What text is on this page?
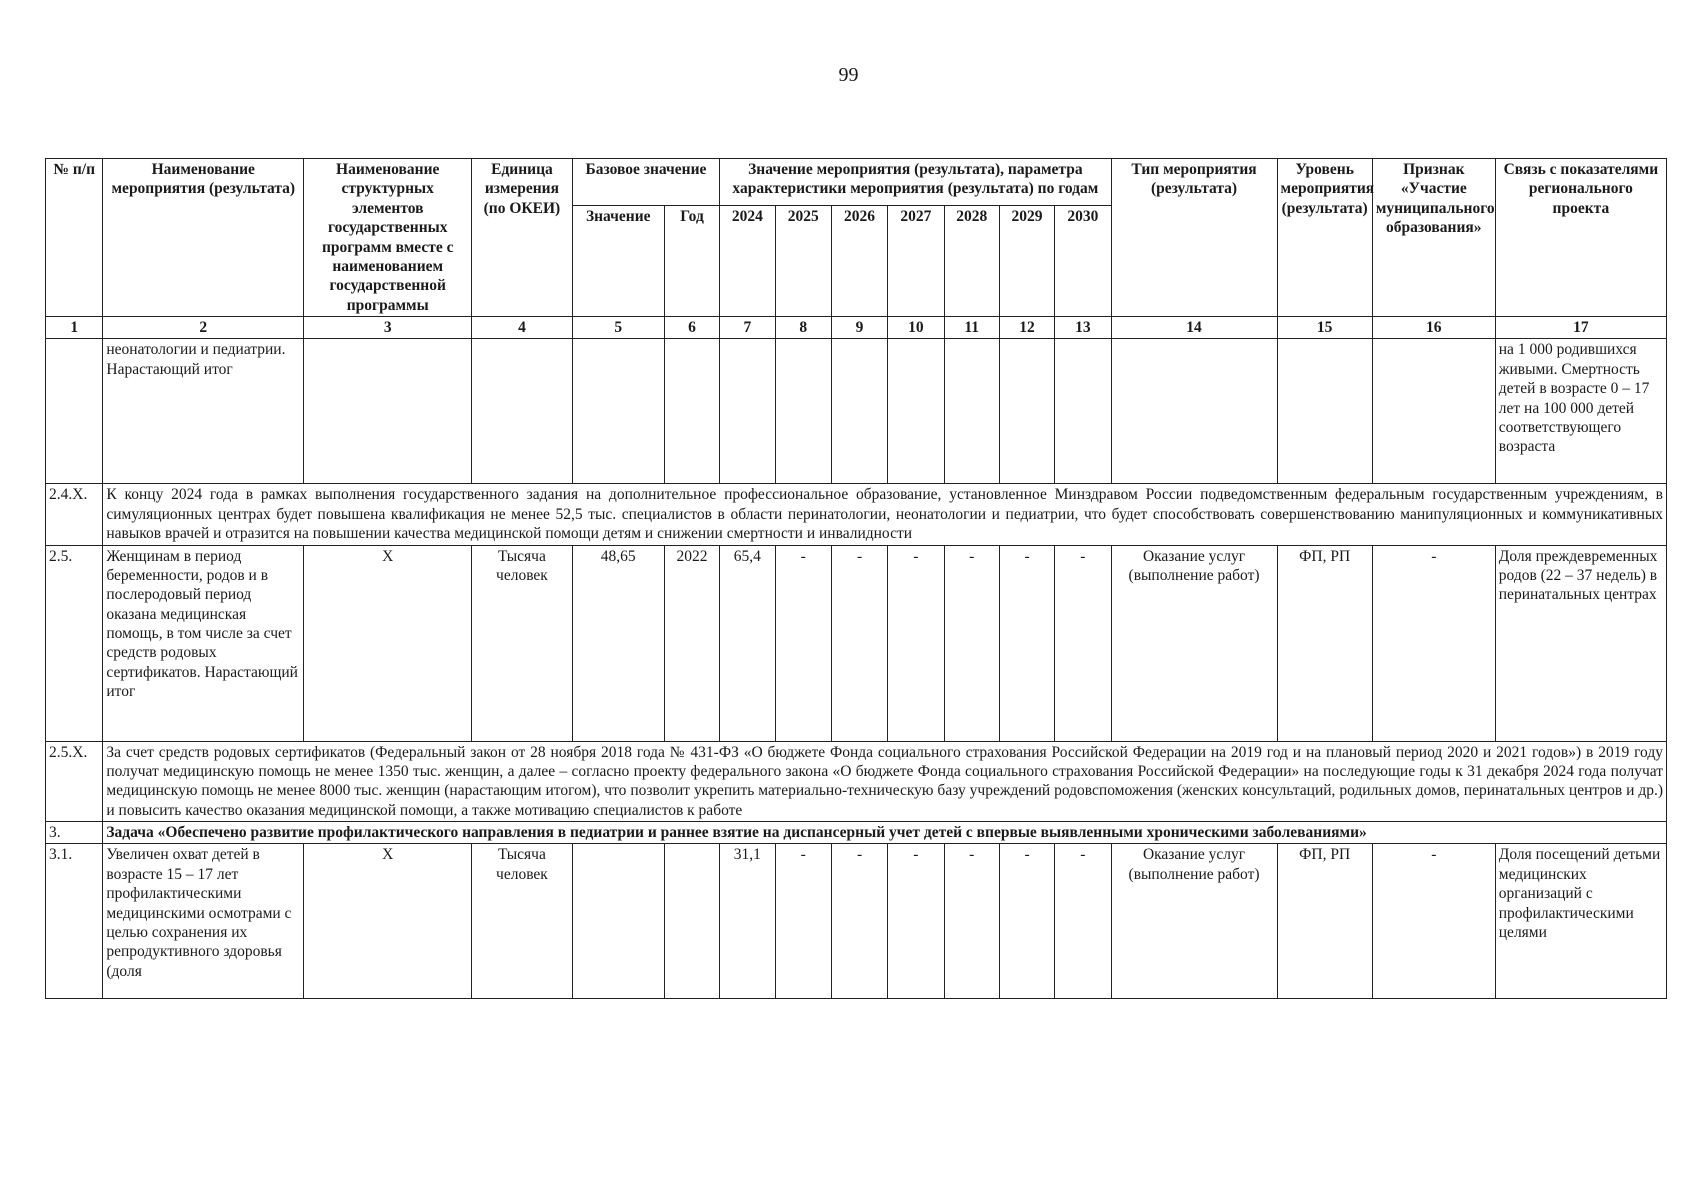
99
№ п/п	Наименование мероприятия (результата)	Наименование структурных элементов государственных программ вместе с наименованием государственной программы	Единица измерения (по ОКЕИ)	Базовое значение		Значение мероприятия (результата), параметра характеристики мероприятия (результата) по годам							Тип мероприятия (результата)	Уровень мероприятия (результата)	Признак «Участие муниципального образования»	Связь с показателями регионального проекта
				Значение	Год	2024	2025	2026	2027	2028	2029	2030				
1	2	3	4	5	6	7	8	9	10	11	12	13	14	15	16	17
	неонатологии и педиатрии. Нарастающий итог															на 1 000 родившихся живыми. Смертность детей в возрасте 0 – 17 лет на 100 000 детей соответствующего возраста
2.4.X.	К концу 2024 года в рамках выполнения государственного задания на дополнительное профессиональное образование, установленное Минздравом России подведомственным федеральным государственным учреждениям, в симуляционных центрах будет повышена квалификация не менее 52,5 тыс. специалистов в области перинатологии, неонатологии и педиатрии, что будет способствовать совершенствованию манипуляционных и коммуникативных навыков врачей и отразится на повышении качества медицинской помощи детям и снижении смертности и инвалидности															
2.5.	Женщинам в период беременности, родов и в послеродовый период оказана медицинская помощь, в том числе за счет средств родовых сертификатов. Нарастающий итог	Х	Тысяча человек	48,65	2022	65,4	-	-	-	-	-	-	Оказание услуг (выполнение работ)	ФП, РП	-	Доля преждевременных родов (22 – 37 недель) в перинатальных центрах
2.5.X.	За счет средств родовых сертификатов (Федеральный закон от 28 ноября 2018 года № 431-ФЗ «О бюджете Фонда социального страхования Российской Федерации на 2019 год и на плановый период 2020 и 2021 годов») в 2019 году получат медицинскую помощь не менее 1350 тыс. женщин, а далее – согласно проекту федерального закона «О бюджете Фонда социального страхования Российской Федерации» на последующие годы к 31 декабря 2024 года получат медицинскую помощь не менее 8000 тыс. женщин (нарастающим итогом), что позволит укрепить материально-техническую базу учреждений родовспоможения (женских консультаций, родильных домов, перинатальных центров и др.) и повысить качество оказания медицинской помощи, а также мотивацию специалистов к работе															
3.	Задача «Обеспечено развитие профилактического направления в педиатрии и раннее взятие на диспансерный учет детей с впервые выявленными хроническими заболеваниями»															
3.1.	Увеличен охват детей в возрасте 15 – 17 лет профилактическими медицинскими осмотрами с целью сохранения их репродуктивного здоровья (доля	Х	Тысяча человек			31,1	-	-	-	-	-	-	Оказание услуг (выполнение работ)	ФП, РП	-	Доля посещений детьми медицинских организаций с профилактическими целями
